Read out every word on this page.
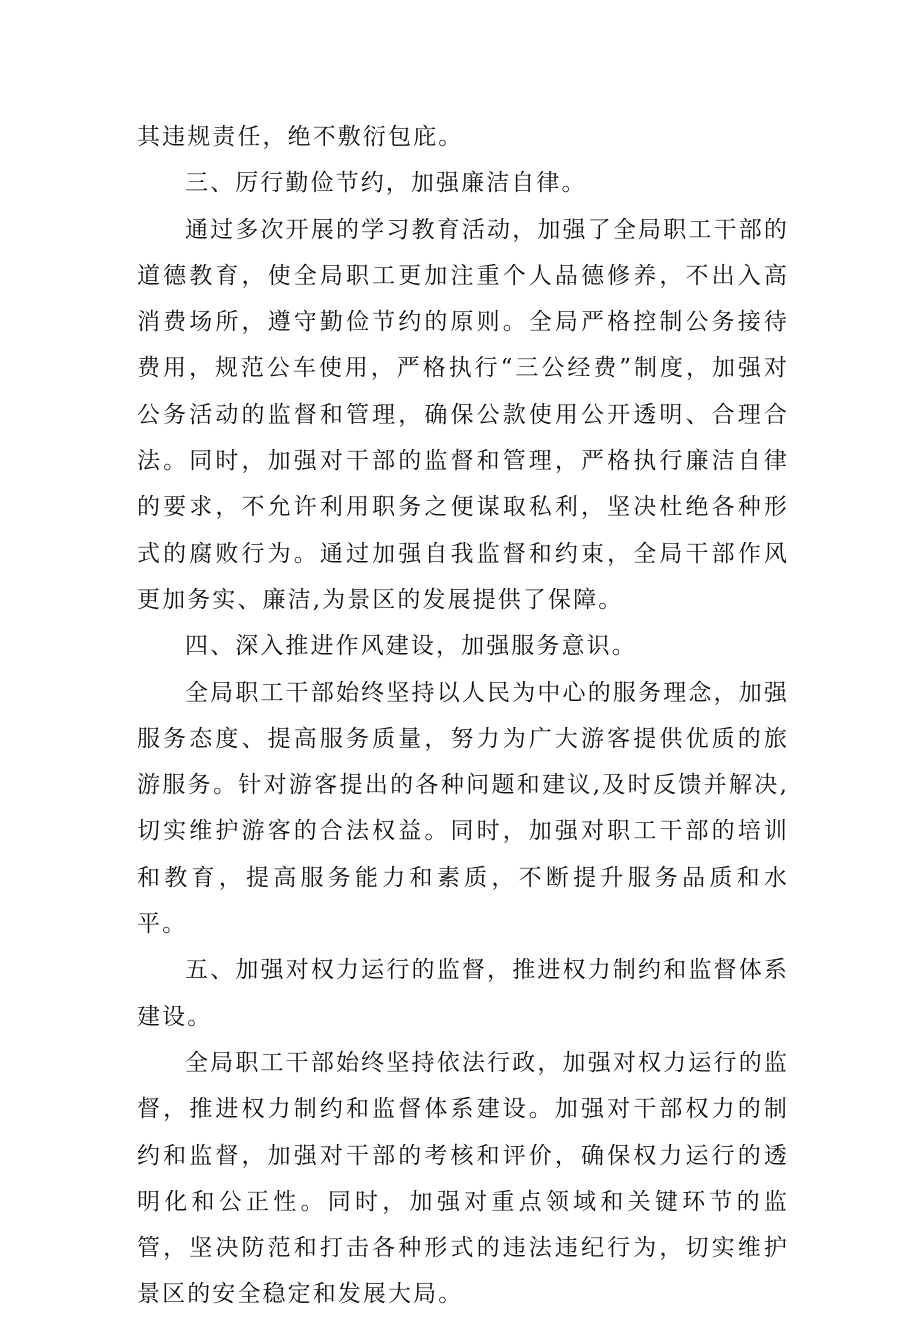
其违规责任，绝不敷衍包庇。

三、厉行勤俭节约，加强廉洁自律。

通过多次开展的学习教育活动，加强了全局职工干部的道德教育，使全局职工更加注重个人品德修养，不出入高消费场所，遵守勤俭节约的原则。全局严格控制公务接待费用，规范公车使用，严格执行“三公经费”制度，加强对公务活动的监督和管理，确保公款使用公开透明、合理合法。同时，加强对干部的监督和管理，严格执行廉洁自律的要求，不允许利用职务之便谋取私利，坚决杜绝各种形式的腐败行为。通过加强自我监督和约束，全局干部作风更加务实、廉洁,为景区的发展提供了保障。

四、深入推进作风建设，加强服务意识。

全局职工干部始终坚持以人民为中心的服务理念，加强服务态度、提高服务质量，努力为广大游客提供优质的旅游服务。针对游客提出的各种问题和建议,及时反馈并解决,切实维护游客的合法权益。同时，加强对职工干部的培训和教育，提高服务能力和素质，不断提升服务品质和水平。

五、加强对权力运行的监督，推进权力制约和监督体系建设。

全局职工干部始终坚持依法行政，加强对权力运行的监督，推进权力制约和监督体系建设。加强对干部权力的制约和监督，加强对干部的考核和评价，确保权力运行的透明化和公正性。同时，加强对重点领域和关键环节的监管，坚决防范和打击各种形式的违法违纪行为，切实维护景区的安全稳定和发展大局。
